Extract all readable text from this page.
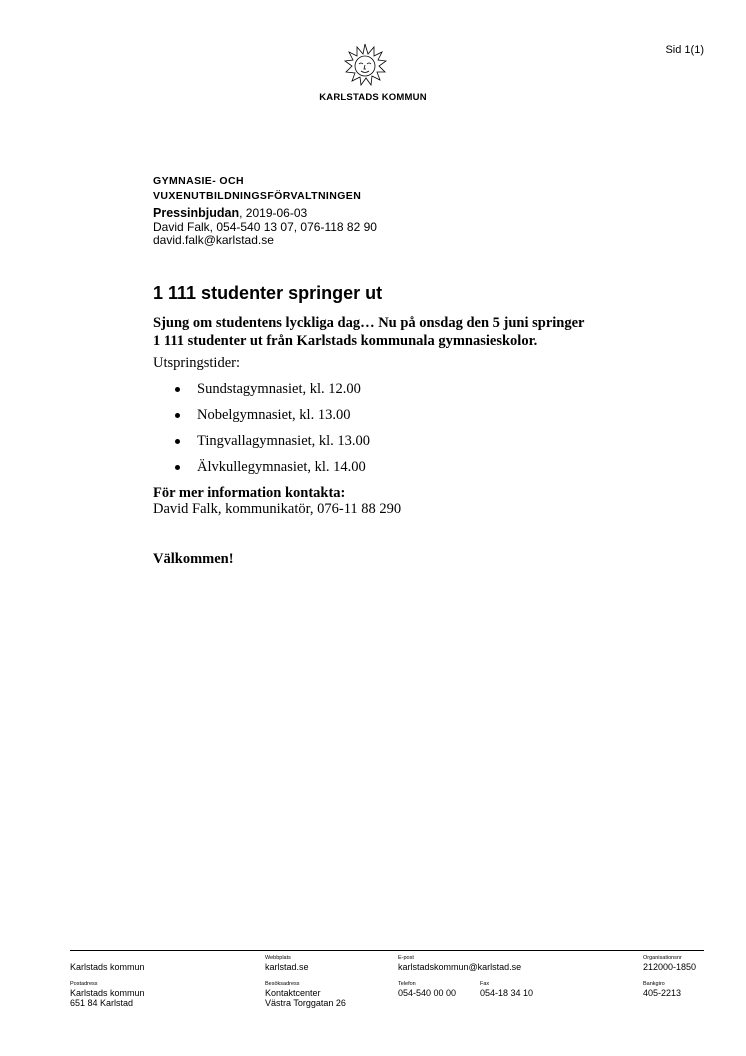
Sid 1(1)
KARLSTADS KOMMUN
GYMNASIE- OCH
VUXENUTBILDNINGSFÖRVALTNINGEN
Pressinbjudan, 2019-06-03
David Falk, 054-540 13 07, 076-118 82 90
david.falk@karlstad.se
1 111 studenter springer ut
Sjung om studentens lyckliga dag… Nu på onsdag den 5 juni springer
1 111 studenter ut från Karlstads kommunala gymnasieskolor.
Utspringstider:
Sundstagymnasiet, kl. 12.00
Nobelgymnasiet, kl. 13.00
Tingvallagymnasiet, kl. 13.00
Älvkullegymnasiet, kl. 14.00
För mer information kontakta:
David Falk, kommunikatör, 076-11 88 290
Välkommen!
Karlstads kommun
Webbplats
karlstad.se
E-post
karlstadskommun@karlstad.se
Organisationsnr
212000-1850
Postadress
Karlstads kommun
651 84 Karlstad
Besöksadress
Kontaktcenter
Västra Torggatan 26
Telefon
054-540 00 00
Fax
054-18 34 10
Bankgiro
405-2213
